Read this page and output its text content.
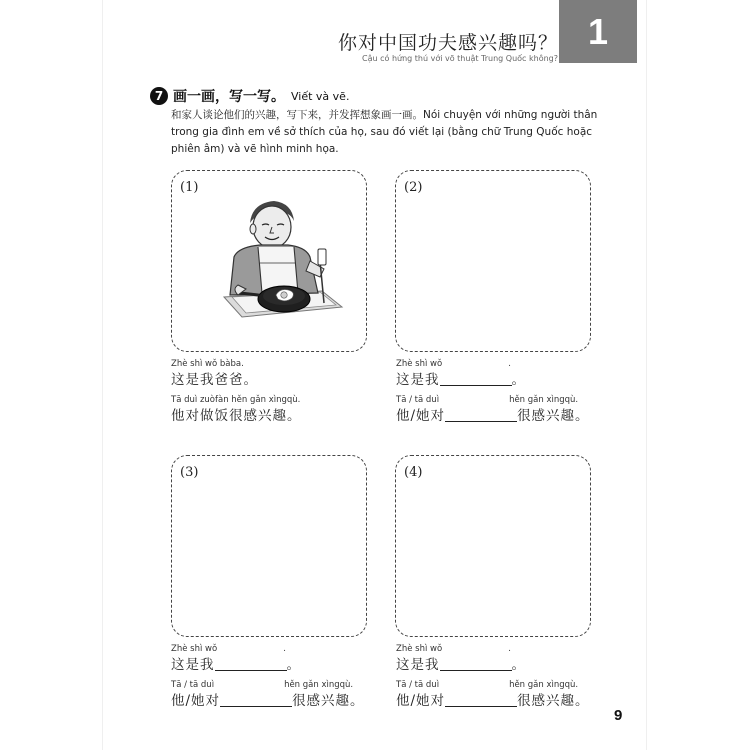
你对中国功夫感兴趣吗？
Cậu có hứng thú với võ thuật Trung Quốc không?
1
7 画一画，写一写。 Viết và vẽ.
和家人谈论他们的兴趣，写下来，并发挥想象画一画。Nói chuyện với những người thân trong gia đình em về sở thích của họ, sau đó viết lại (bằng chữ Trung Quốc hoặc phiên âm) và vẽ hình minh họa.
(1)
Zhè shì wǒ bàba.
这是我爸爸。
Tā duì zuòfàn hěn gǎn xìngqù.
他对做饭很感兴趣。
(2)
Zhè shì wǒ	.
这是我	。
Tā / tā duì	hěn gǎn xìngqù.
他/她对	很感兴趣。
(3)
Zhè shì wǒ	.
这是我	。
Tā / tā duì	hěn gǎn xìngqù.
他/她对	很感兴趣。
(4)
Zhè shì wǒ	.
这是我	。
Tā / tā duì	hěn gǎn xìngqù.
他/她对	很感兴趣。
9
